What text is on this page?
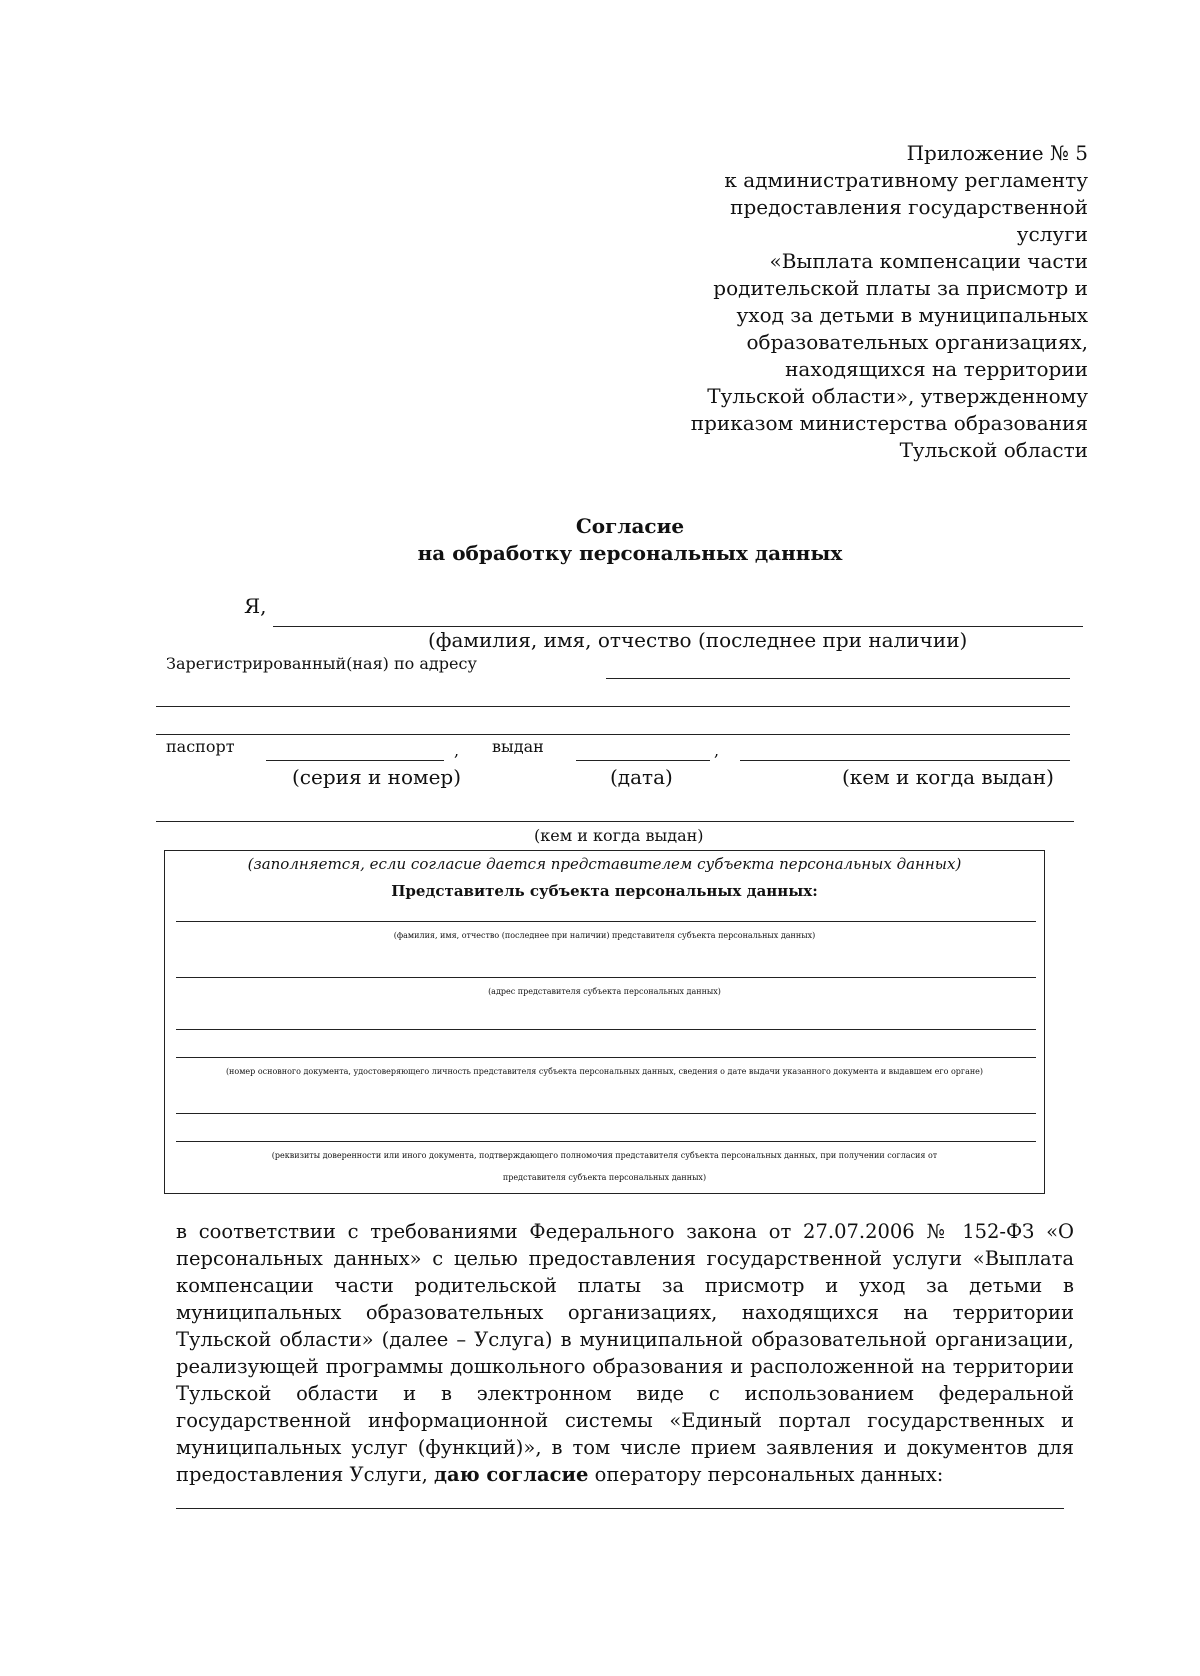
Приложение № 5
к административному регламенту
предоставления государственной
услуги
«Выплата компенсации части
родительской платы за присмотр и
уход за детьми в муниципальных
образовательных организациях,
находящихся на территории
Тульской области», утвержденному
приказом министерства образования
Тульской области
Согласие
на обработку персональных данных
Я,
(фамилия, имя, отчество (последнее при наличии)
Зарегистрированный(ная) по адресу
паспорт	, выдан	,
(серия и номер)	(дата)	(кем и когда выдан)
(кем и когда выдан)
(заполняется, если согласие дается представителем субъекта персональных данных)
Представитель субъекта персональных данных:
(фамилия, имя, отчество (последнее при наличии) представителя субъекта персональных данных)
(адрес представителя субъекта персональных данных)
(номер основного документа, удостоверяющего личность представителя субъекта персональных данных, сведения о дате выдачи указанного документа и выдавшем его органе)
(реквизиты доверенности или иного документа, подтверждающего полномочия представителя субъекта персональных данных, при получении согласия от
представителя субъекта персональных данных)
в соответствии с требованиями Федерального закона от 27.07.2006 № 152-ФЗ «О персональных данных» с целью предоставления государственной услуги «Выплата компенсации части родительской платы за присмотр и уход за детьми в муниципальных образовательных организациях, находящихся на территории Тульской области» (далее – Услуга) в муниципальной образовательной организации, реализующей программы дошкольного образования и расположенной на территории Тульской области и в электронном виде с использованием федеральной государственной информационной системы «Единый портал государственных и муниципальных услуг (функций)», в том числе прием заявления и документов для предоставления Услуги, даю согласие оператору персональных данных:
